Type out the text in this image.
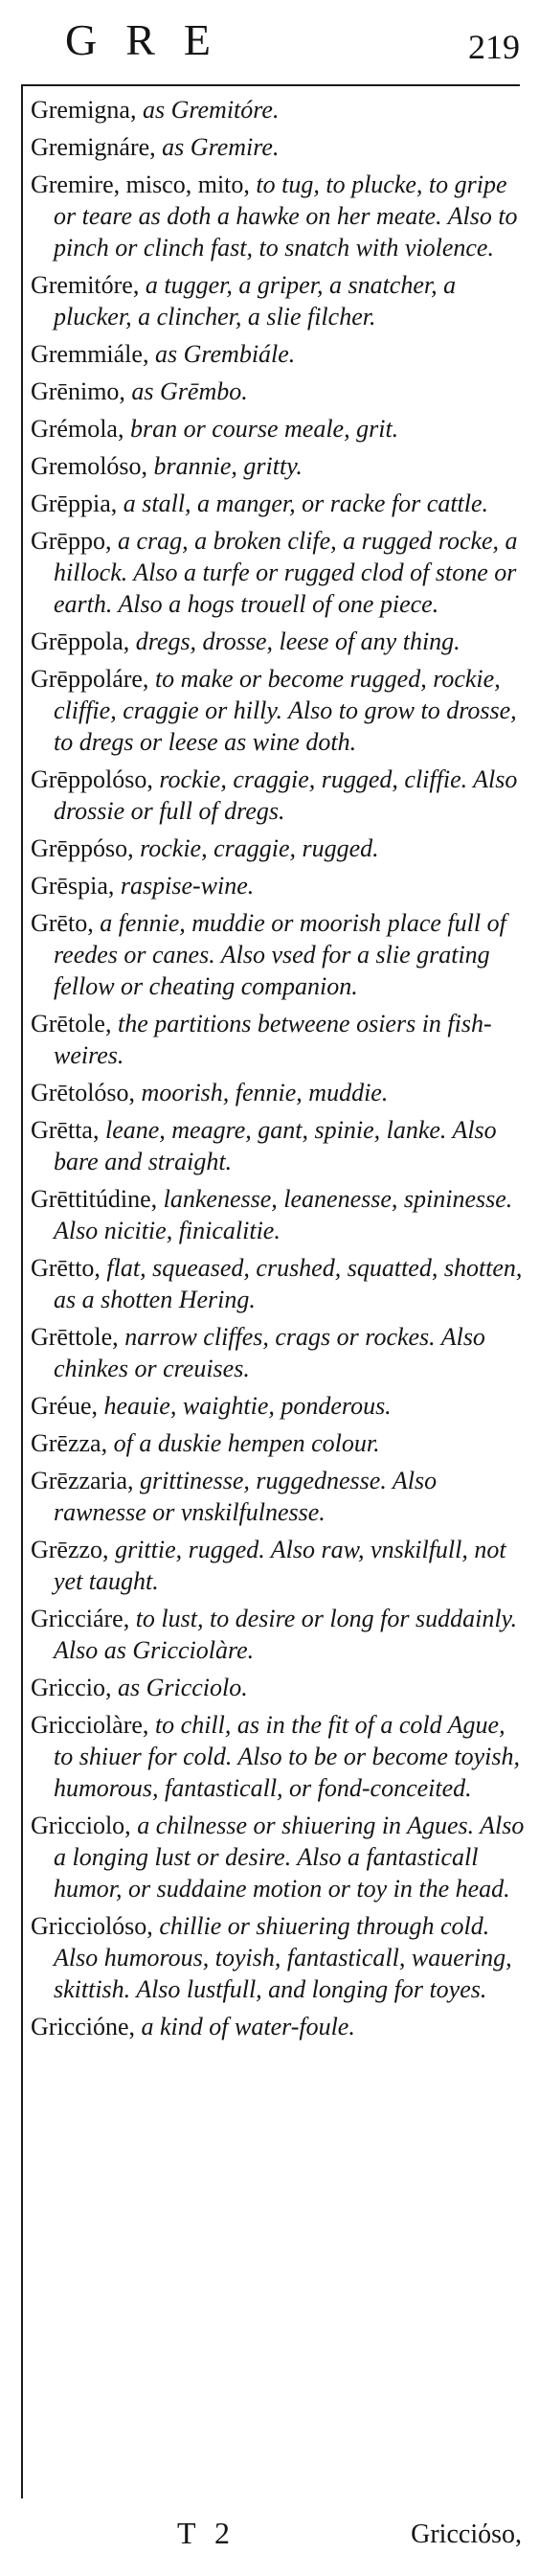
GRE	219

Gremigna, as Gremitóre.

Gremignáre, as Gremire.

Gremire, misco, mito, to tug, to plucke, to gripe or teare as doth a hawke on her meate. Also to pinch or clinch fast, to snatch with violence.

Gremitóre, a tugger, a griper, a snatcher, a plucker, a clincher, a slie filcher.

Gremmiále, as Grembiále.

Grēnimo, as Grēmbo.

Grémola, bran or course meale, grit.

Gremolóso, brannie, gritty.

Grēppia, a stall, a manger, or racke for cattle.

Grēppo, a crag, a broken clife, a rugged rocke, a hillock. Also a turfe or rugged clod of stone or earth. Also a hogs trouell of one piece.

Grēppola, dregs, drosse, leese of any thing.

Grēppoláre, to make or become rugged, rockie, cliffie, craggie or hilly. Also to grow to drosse, to dregs or leese as wine doth.

Grēppolóso, rockie, craggie, rugged, cliffie. Also drossie or full of dregs.

Grēppóso, rockie, craggie, rugged.

Grēspia, raspise-wine.

Grēto, a fennie, muddie or moorish place full of reedes or canes. Also vsed for a slie grating fellow or cheating companion.

Grētole, the partitions betweene osiers in fish-weires.

Grētolóso, moorish, fennie, muddie.

Grētta, leane, meagre, gant, spinie, lanke. Also bare and straight.

Grēttitúdine, lankenesse, leanenesse, spininesse. Also nicitie, finicalitie.

Grētto, flat, squeased, crushed, squatted, shotten, as a shotten Hering.

Grēttole, narrow cliffes, crags or rockes. Also chinkes or creuises.

Gréue, heauie, waightie, ponderous.

Grēzza, of a duskie hempen colour.

Grēzzaria, grittinesse, ruggednesse. Also rawnesse or vnskilfulnesse.

Grēzzo, grittie, rugged. Also raw, vnskilfull, not yet taught.

Gricciáre, to lust, to desire or long for suddainly. Also as Gricciolàre.

Griccio, as Gricciolo.

Gricciolàre, to chill, as in the fit of a cold Ague, to shiuer for cold. Also to be or become toyish, humorous, fantasticall, or fond-conceited.

Gricciolo, a chilnesse or shiuering in Agues. Also a longing lust or desire. Also a fantasticall humor, or suddaine motion or toy in the head.

Gricciolóso, chillie or shiuering through cold. Also humorous, toyish, fantasticall, wauering, skittish. Also lustfull, and longing for toyes.

Griccióne, a kind of water-foule.

T 2	Gricciόso,
